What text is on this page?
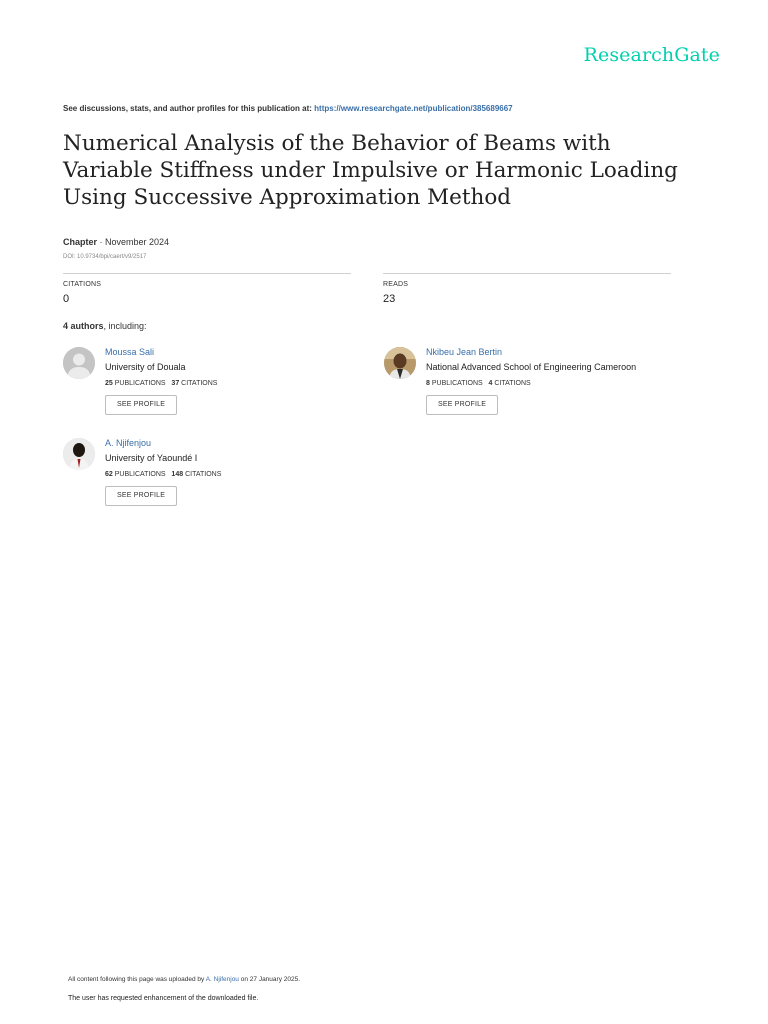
ResearchGate
See discussions, stats, and author profiles for this publication at: https://www.researchgate.net/publication/385689667
Numerical Analysis of the Behavior of Beams with Variable Stiffness under Impulsive or Harmonic Loading Using Successive Approximation Method
Chapter · November 2024
DOI: 10.9734/bpi/caert/v9/2517
CITATIONS
0
READS
23
4 authors, including:
Moussa Sali
University of Douala
25 PUBLICATIONS 37 CITATIONS
SEE PROFILE
Nkibeu Jean Bertin
National Advanced School of Engineering Cameroon
8 PUBLICATIONS 4 CITATIONS
SEE PROFILE
A. Njifenjou
University of Yaoundé I
62 PUBLICATIONS 148 CITATIONS
SEE PROFILE
All content following this page was uploaded by A. Njifenjou on 27 January 2025.
The user has requested enhancement of the downloaded file.
